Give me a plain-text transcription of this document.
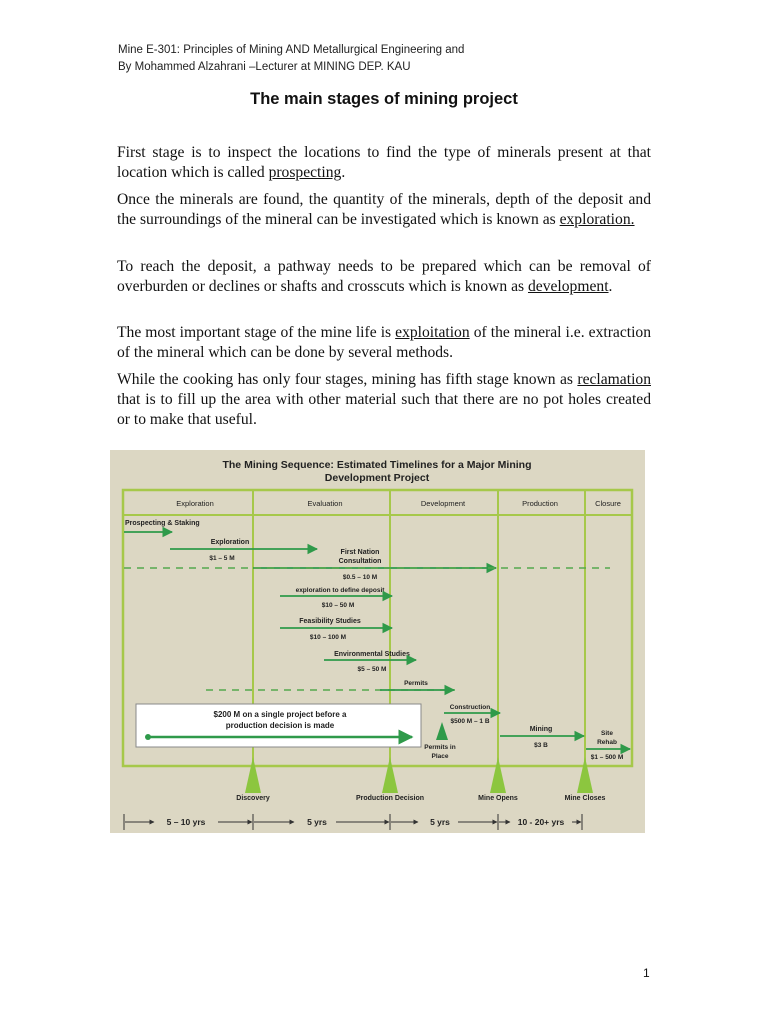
Mine E-301: Principles of Mining AND Metallurgical Engineering and
By Mohammed Alzahrani –Lecturer at MINING DEP. KAU
The main stages of mining project

First stage is to inspect the locations to find the type of minerals present at that location which is called prospecting.

Once the minerals are found, the quantity of the minerals, depth of the deposit and the surroundings of the mineral can be investigated which is known as exploration.

To reach the deposit, a pathway needs to be prepared which can be removal of overburden or declines or shafts and crosscuts which is known as development.

The most important stage of the mine life is exploitation of the mineral i.e. extraction of the mineral which can be done by several methods.

While the cooking has only four stages, mining has fifth stage known as reclamation that is to fill up the area with other material such that there are no pot holes created or to make that useful.

The Mining Sequence: Estimated Timelines for a Major Mining
Development Project
Exploration	Evaluation	Development	Production	Closure
Prospecting & Staking
Exploration
$1 – 5 M
First Nation
Consultation
$0.5 – 10 M
exploration to define deposit
$10 – 50 M
Feasibility Studies
$10 – 100 M
Environmental Studies
$5 – 50 M
Permits
$200 M on a single project before a
production decision is made
Construction
$500 M – 1 B
Permits in
Place
Mining
$3 B
Site
Rehab
$1 – 500 M
Discovery	Production Decision	Mine Opens	Mine Closes
5 – 10 yrs	5 yrs	5 yrs	10 - 20+ yrs
1
